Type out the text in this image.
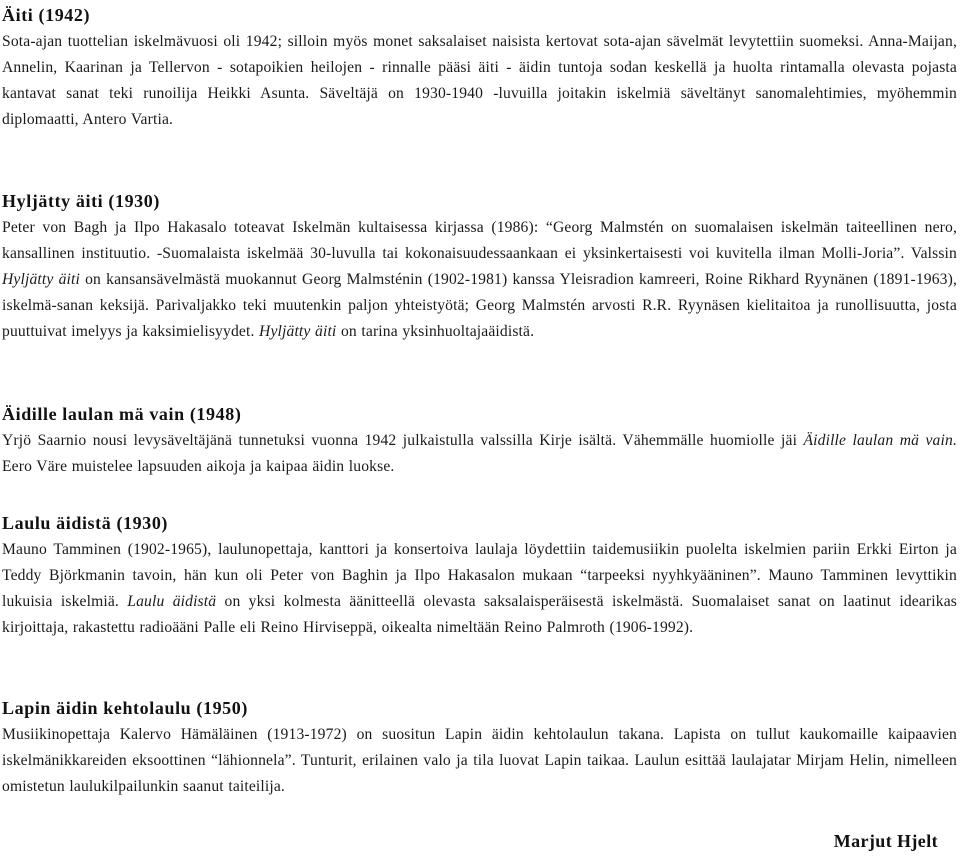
Äiti (1942)

Sota-ajan tuottelian iskelmävuosi oli 1942; silloin myös monet saksalaiset naisista kertovat sota-ajan sävelmät levytettiin suomeksi. Anna-Maijan, Annelin, Kaarinan ja Tellervon - sotapoikien heilojen - rinnalle pääsi äiti - äidin tuntoja sodan keskellä ja huolta rintamalla olevasta pojasta kantavat sanat teki runoilija Heikki Asunta. Säveltäjä on 1930-1940 -luvuilla joitakin iskelmiä säveltänyt sanomalehtimies, myöhemmin diplomaatti, Antero Vartia.

Hyljätty äiti (1930)

Peter von Bagh ja Ilpo Hakasalo toteavat Iskelmän kultaisessa kirjassa (1986): “Georg Malmstén on suomalaisen iskelmän taiteellinen nero, kansallinen instituutio. -Suomalaista iskelmää 30-luvulla tai kokonaisuudessaankaan ei yksinkertaisesti voi kuvitella ilman Molli-Joria”. Valssin Hyljätty äiti on kansansävelmästä muokannut Georg Malmsténin (1902-1981) kanssa Yleisradion kamreeri, Roine Rikhard Ryynänen (1891-1963), iskelmä-sanan keksijä. Parivaljakko teki muutenkin paljon yhteistyötä; Georg Malmstén arvosti R.R. Ryynäsen kielitaitoa ja runollisuutta, josta puuttuivat imelyys ja kaksimielisyydet. Hyljätty äiti on tarina yksinhuoltajaäidistä.

Äidille laulan mä vain (1948)

Yrjö Saarnio nousi levysäveltäjänä tunnetuksi vuonna 1942 julkaistulla valssilla Kirje isältä. Vähemmälle huomiolle jäi Äidille laulan mä vain. Eero Väre muistelee lapsuuden aikoja ja kaipaa äidin luokse.

Laulu äidistä (1930)

Mauno Tamminen (1902-1965), laulunopettaja, kanttori ja konsertoiva laulaja löydettiin taidemusiikin puolelta iskelmien pariin Erkki Eirton ja Teddy Björkmanin tavoin, hän kun oli Peter von Baghin ja Ilpo Hakasalon mukaan “tarpeeksi nyyhkyääninen”. Mauno Tamminen levyttikin lukuisia iskelmiä. Laulu äidistä on yksi kolmesta äänitteellä olevasta saksalaisperäisestä iskelmästä. Suomalaiset sanat on laatinut idearikas kirjoittaja, rakastettu radioääni Palle eli Reino Hirviseppä, oikealta nimeltään Reino Palmroth (1906-1992).

Lapin äidin kehtolaulu (1950)

Musiikinopettaja Kalervo Hämäläinen (1913-1972) on suositun Lapin äidin kehtolaulun takana. Lapista on tullut kaukomaille kaipaavien iskelmänikkareiden eksoottinen “lähionnela”. Tunturit, erilainen valo ja tila luovat Lapin taikaa. Laulun esittää laulajatar Mirjam Helin, nimelleen omistetun laulukilpailunkin saanut taiteilija.

Marjut Hjelt
